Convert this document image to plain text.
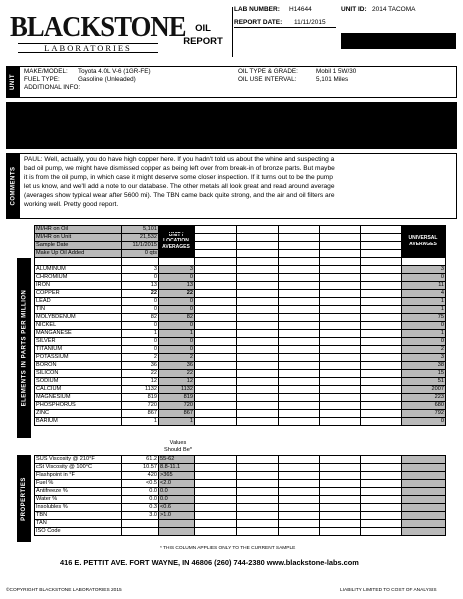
BLACKSTONE
LABORATORIES
OIL
REPORT
LAB NUMBER: H14644	UNIT ID: 2014 TACOMA
REPORT DATE: 11/11/2015
UNIT
MAKE/MODEL: Toyota 4.0L V-6 (1GR-FE)
FUEL TYPE:	Gasoline (Unleaded)
ADDITIONAL INFO:
OIL TYPE & GRADE:	Mobil 1 5W/30
OIL USE INTERVAL:	5,101 Miles
COMMENTS
PAUL: Well, actually, you do have high copper here. If you hadn't told us about the whine and suspecting a
bad oil pump, we might have dismissed copper as being left over from break-in of bronze parts. But maybe
it is from the oil pump, in which case it might deserve some closer inspection. If it turns out to be the pump
let us know, and we'll add a note to our database. The other metals all look great and read around average
(averages show typical wear after 5600 mi). The TBN came back quite strong, and the air and oil filters are
working well. Pretty good report.
ELEMENTS IN PARTS PER MILLION
PROPERTIES
UNIT / LOCATION AVERAGES
UNIVERSAL AVERAGES
MI/HR on Oil	5,101							
MI/HR on Unit	21,532							
Sample Date	11/1/2015							
Make Up Oil Added	0 qts							

ALUMINUM	3	3						3
CHROMIUM	0	0						0
IRON	13	13						11
COPPER	22	22						4
LEAD	0	0						1
TIN	0	0						1
MOLYBDENUM	82	82						75
NICKEL	0	0						0
MANGANESE	1	1						1
SILVER	0	0						0
TITANIUM	0	0						2
POTASSIUM	2	2						3
BORON	36	36						38
SILICON	22	22						15
SODIUM	12	12						51
CALCIUM	1132	1132						2007
MAGNESIUM	819	819						223
PHOSPHORUS	720	720						680
ZINC	867	867						792
BARIUM	1	1						0
Values
Should Be*
SUS Viscosity @ 210°F	61.2	55-62						
cSt Viscosity @ 100°C	10.57	8.8-11.1						
Flashpoint in °F	420	>365						
Fuel %	<0.5	<2.0						
Antifreeze %	0.0	0.0						
Water %	0.0	0.0						
Insolubles %	0.3	<0.6						
TBN	3.0	>1.0						
TAN								
ISO Code								
* THIS COLUMN APPLIES ONLY TO THE CURRENT SAMPLE
416 E. PETTIT AVE. FORT WAYNE, IN 46806 (260) 744-2380 www.blackstone-labs.com
©COPYRIGHT BLACKSTONE LABORATORIES 2015	LIABILITY LIMITED TO COST OF ANALYSIS
